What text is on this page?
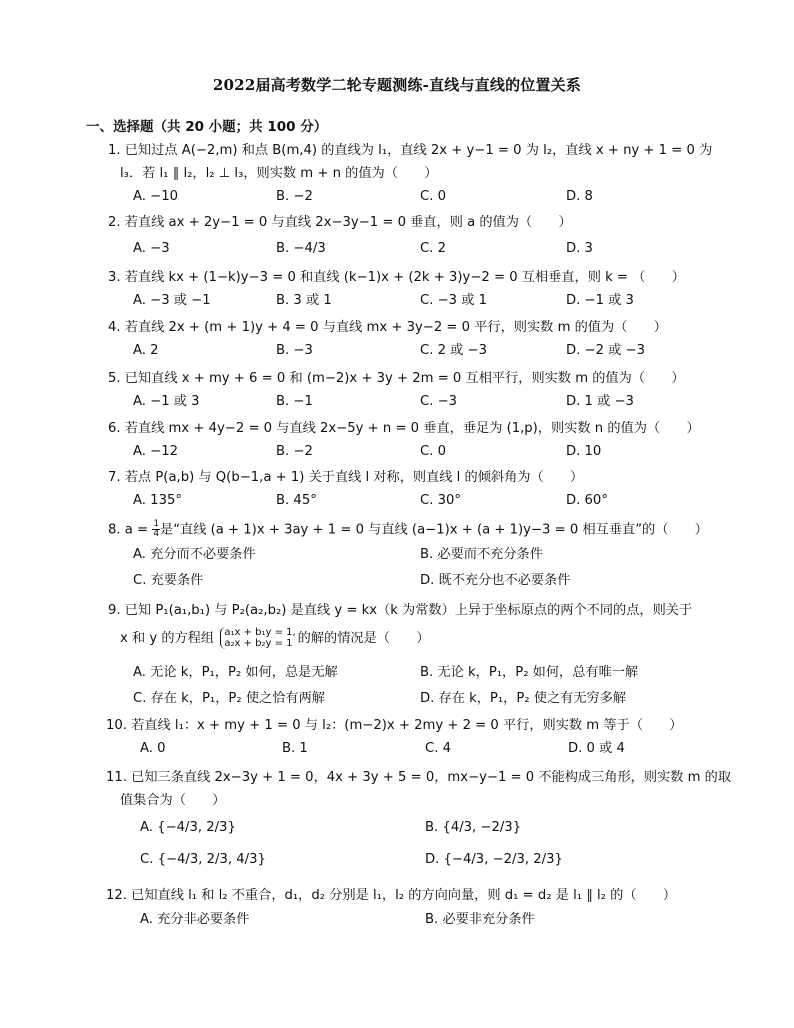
2022届高考数学二轮专题测练-直线与直线的位置关系
一、选择题（共 20 小题；共 100 分）
1. 已知过点 A(−2,m) 和点 B(m,4) 的直线为 l₁，直线 2x + y−1 = 0 为 l₂，直线 x + ny + 1 = 0 为
l₃．若 l₁ ∥ l₂，l₂ ⊥ l₃，则实数 m + n 的值为（　　）
A. −10	B. −2	C. 0	D. 8
2. 若直线 ax + 2y−1 = 0 与直线 2x−3y−1 = 0 垂直，则 a 的值为（　　）
A. −3	B. −4/3	C. 2	D. 3
3. 若直线 kx + (1−k)y−3 = 0 和直线 (k−1)x + (2k + 3)y−2 = 0 互相垂直，则 k = （　　）
A. −3 或 −1	B. 3 或 1	C. −3 或 1	D. −1 或 3
4. 若直线 2x + (m + 1)y + 4 = 0 与直线 mx + 3y−2 = 0 平行，则实数 m 的值为（　　）
A. 2	B. −3	C. 2 或 −3	D. −2 或 −3
5. 已知直线 x + my + 6 = 0 和 (m−2)x + 3y + 2m = 0 互相平行，则实数 m 的值为（　　）
A. −1 或 3	B. −1	C. −3	D. 1 或 −3
6. 若直线 mx + 4y−2 = 0 与直线 2x−5y + n = 0 垂直，垂足为 (1,p)，则实数 n 的值为（　　）
A. −12	B. −2	C. 0	D. 10
7. 若点 P(a,b) 与 Q(b−1,a + 1) 关于直线 l 对称，则直线 l 的倾斜角为（　　）
A. 135°	B. 45°	C. 30°	D. 60°
8. $a = \frac{1}{4}$ 是“直线 (a + 1)x + 3ay + 1 = 0 与直线 (a−1)x + (a + 1)y−3 = 0 相互垂直”的（　　）
A. 充分而不必要条件	B. 必要而不充分条件
C. 充要条件	D. 既不充分也不必要条件
9. 已知 P₁(a₁,b₁) 与 P₂(a₂,b₂) 是直线 y = kx（k 为常数）上异于坐标原点的两个不同的点，则关于
x 和 y 的方程组 a₁x + b₁y = 1,
a₂x + b₂y = 1 的解的情况是（　　）
A. 无论 k，P₁，P₂ 如何，总是无解	B. 无论 k，P₁，P₂ 如何，总有唯一解
C. 存在 k，P₁，P₂ 使之恰有两解	D. 存在 k，P₁，P₂ 使之有无穷多解
10. 若直线 l₁：x + my + 1 = 0 与 l₂：(m−2)x + 2my + 2 = 0 平行，则实数 m 等于（　　）
A. 0	B. 1	C. 4	D. 0 或 4
11. 已知三条直线 2x−3y + 1 = 0，4x + 3y + 5 = 0，mx−y−1 = 0 不能构成三角形，则实数 m 的取
值集合为（　　）
A. {−4/3, 2/3}	B. {4/3, −2/3}
C. {−4/3, 2/3, 4/3}	D. {−4/3, −2/3, 2/3}
12. 已知直线 l₁ 和 l₂ 不重合，d₁，d₂ 分别是 l₁，l₂ 的方向向量，则 d₁ = d₂ 是 l₁ ∥ l₂ 的（　　）
A. 充分非必要条件	B. 必要非充分条件
